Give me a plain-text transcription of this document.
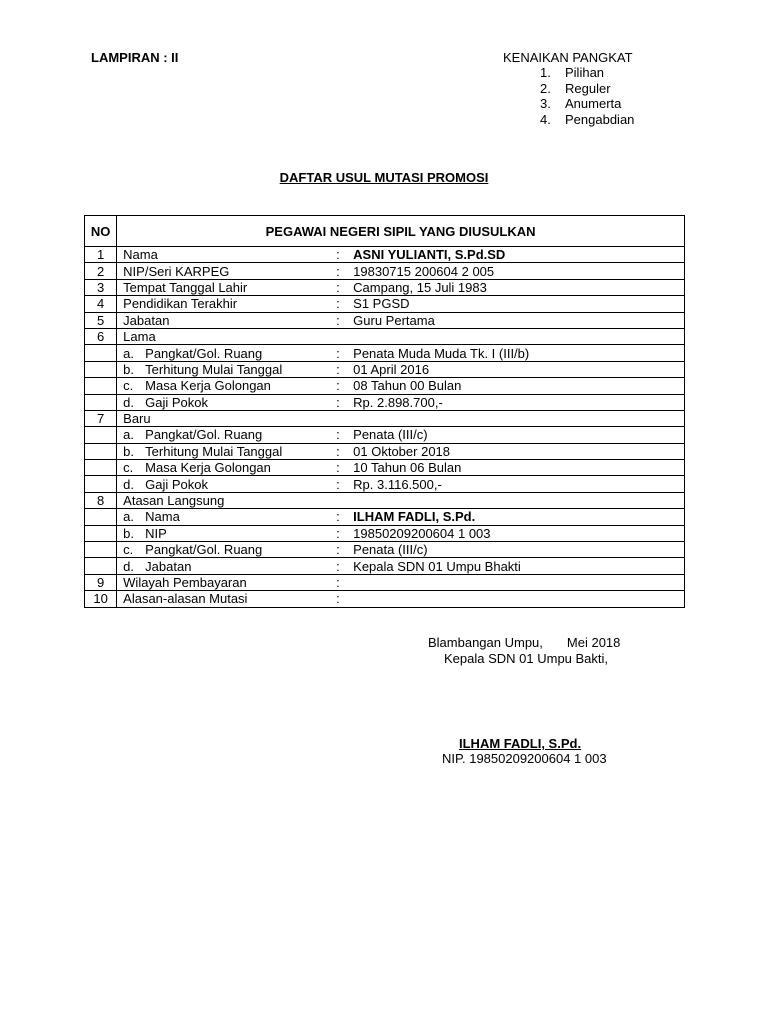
LAMPIRAN : II	KENAIKAN PANGKAT
1. Pilihan
2. Reguler
3. Anumerta
4. Pengabdian
DAFTAR USUL MUTASI PROMOSI
NO	PEGAWAI NEGERI SIPIL YANG DIUSULKAN
1	Nama : ASNI YULIANTI, S.Pd.SD

2	NIP/Seri KARPEG : 19830715 200604 2 005

3	Tempat Tanggal Lahir : Campang, 15 Juli 1983

4	Pendidikan Terakhir : S1 PGSD

5	Jabatan : Guru Pertama

6	Lama

	a. Pangkat/Gol. Ruang : Penata Muda Muda Tk. I (III/b)

	b. Terhitung Mulai Tanggal : 01 April 2016

	c. Masa Kerja Golongan : 08 Tahun 00 Bulan

	d. Gaji Pokok : Rp. 2.898.700,-

7	Baru

	a. Pangkat/Gol. Ruang : Penata (III/c)

	b. Terhitung Mulai Tanggal : 01 Oktober 2018

	c. Masa Kerja Golongan : 10 Tahun 06 Bulan

	d. Gaji Pokok : Rp. 3.116.500,-

8	Atasan Langsung

	a. Nama : ILHAM FADLI, S.Pd.

	b. NIP : 19850209200604 1 003

	c. Pangkat/Gol. Ruang : Penata (III/c)

	d. Jabatan : Kepala SDN 01 Umpu Bhakti

9	Wilayah Pembayaran :

10	Alasan-alasan Mutasi :
Blambangan Umpu, Mei 2018
Kepala SDN 01 Umpu Bakti,
ILHAM FADLI, S.Pd.
NIP. 19850209200604 1 003
